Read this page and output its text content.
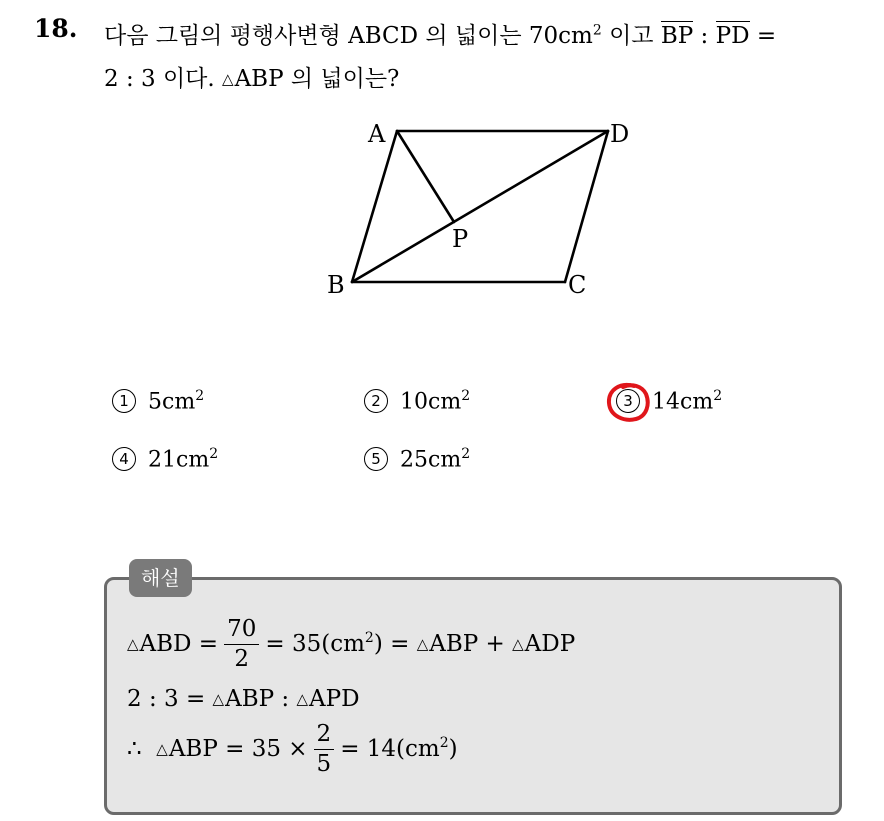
18. 다음 그림의 평행사변형 ABCD 의 넓이는 $70cm^2$ 이고 BP : PD =
2 : 3 이다. △ABP 의 넓이는?
A	D
P
B	C
1 $5cm^2$	2 $10cm^2$	3 $14cm^2$
4 $21cm^2$	5 $25cm^2$
해설
△ABD = $\frac{70}{2} = 35(cm^2)$ = △ABP + △ADP
2 : 3 = △ABP : △APD
∴ △ABP = $35 \times \frac{2}{5} = 14(cm^2)$
